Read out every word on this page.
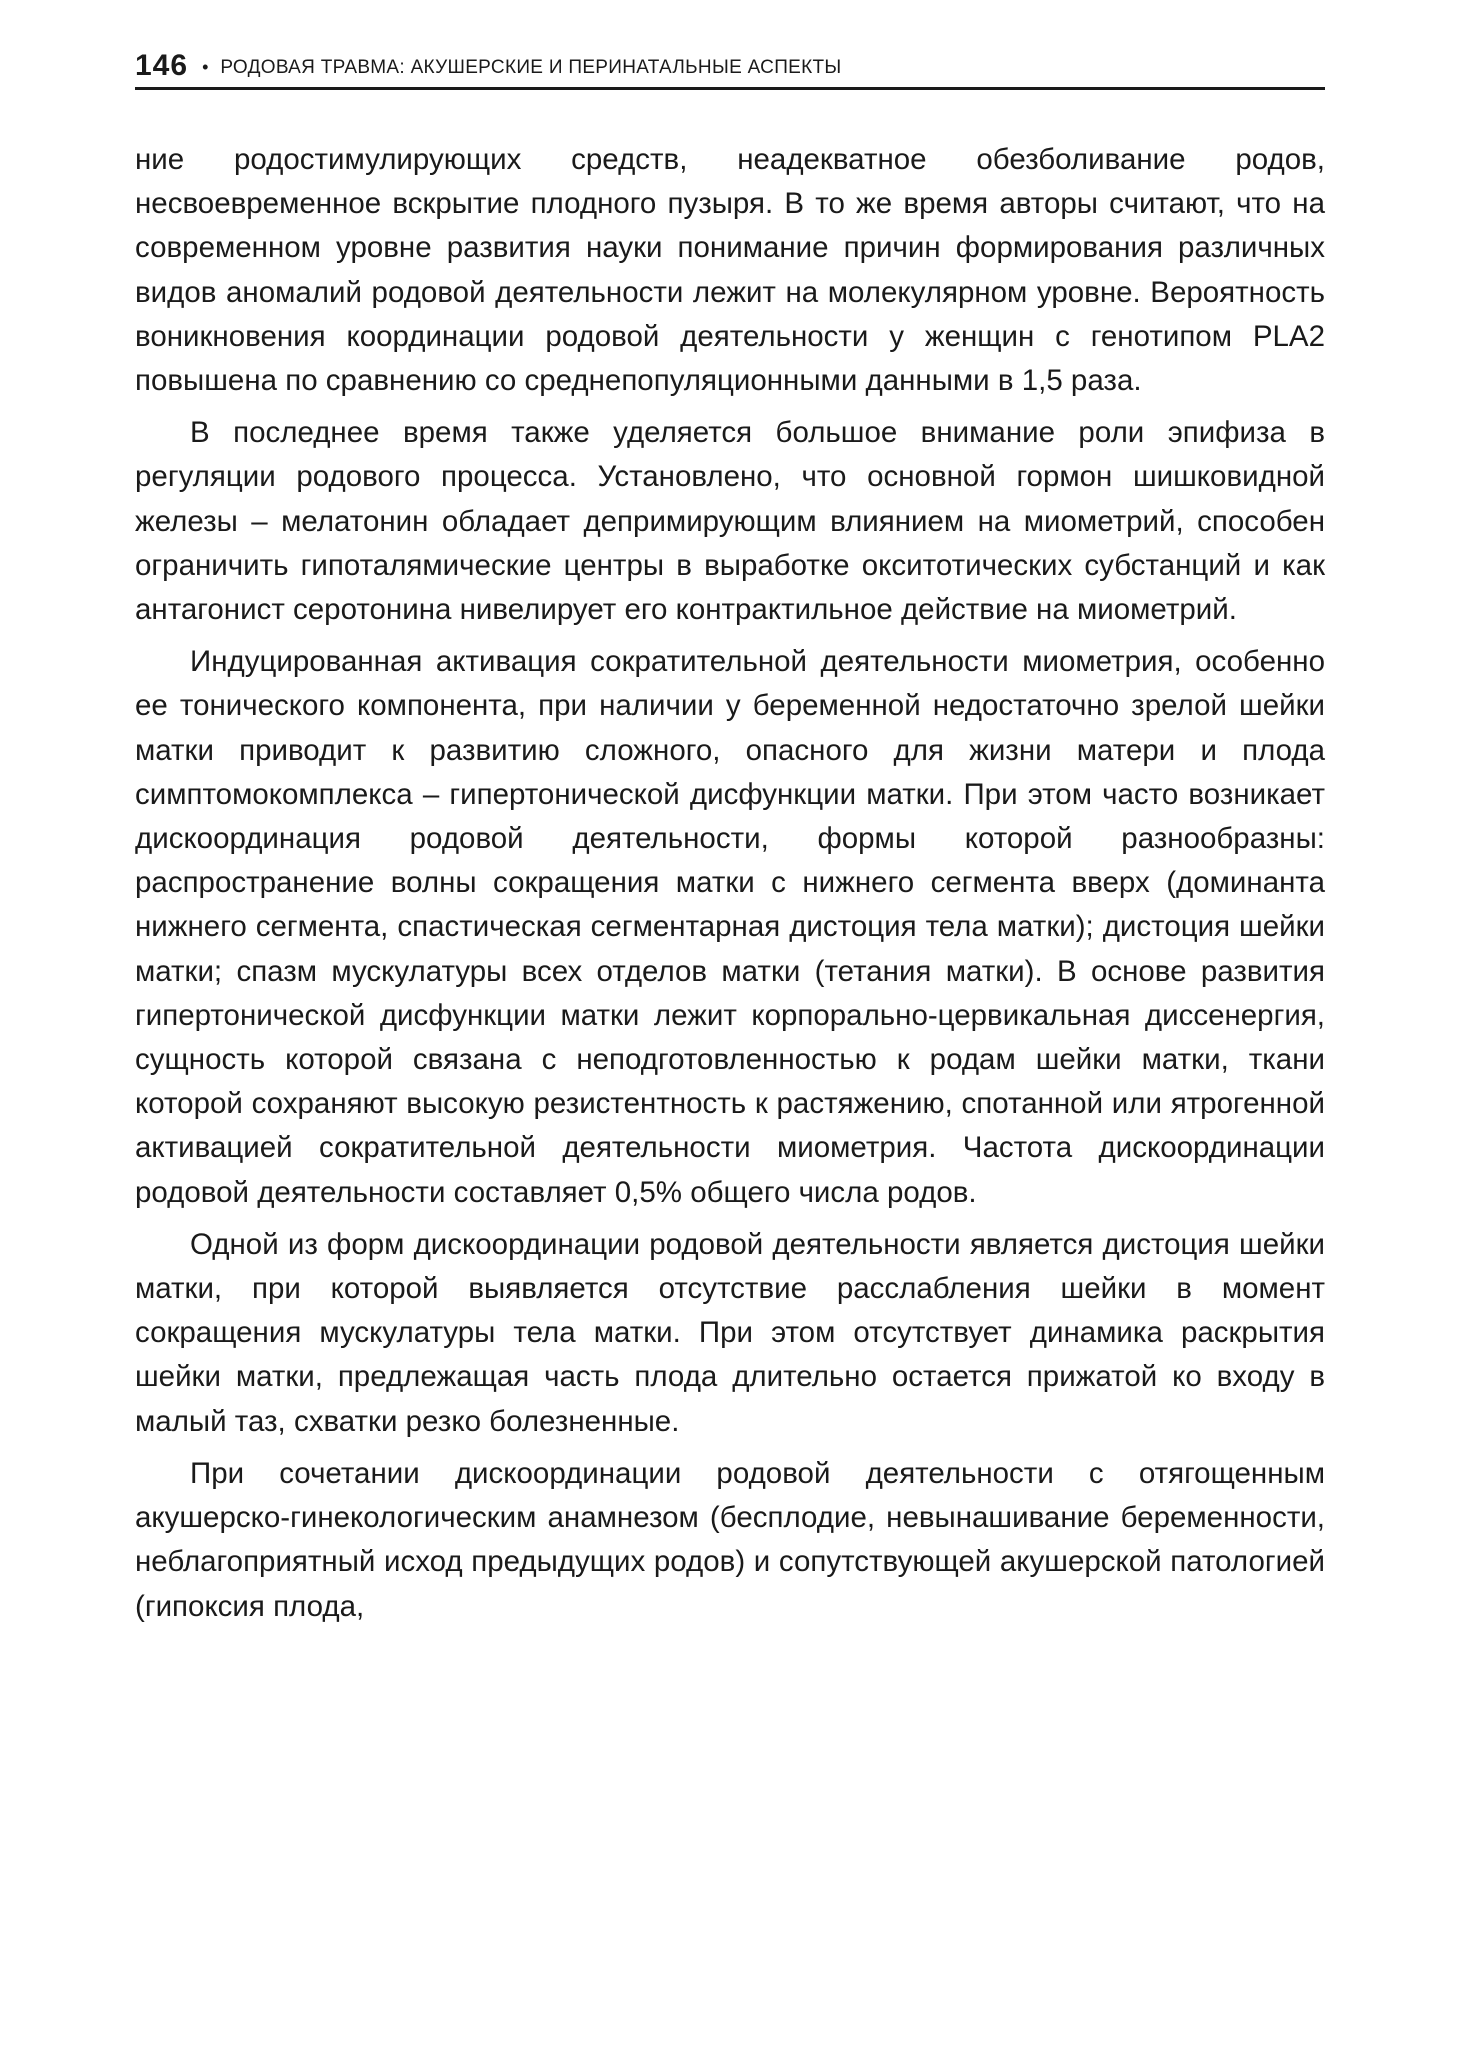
146 • РОДОВАЯ ТРАВМА: АКУШЕРСКИЕ И ПЕРИНАТАЛЬНЫЕ АСПЕКТЫ

ние родостимулирующих средств, неадекватное обезболивание родов, несвоевременное вскрытие плодного пузыря. В то же время авторы считают, что на современном уровне развития науки понимание причин формирования различных видов аномалий родовой деятельности лежит на молекулярном уровне. Вероятность воникновения координации родовой деятельности у женщин с генотипом PLA2 повышена по сравнению со среднепопуляционными данными в 1,5 раза.

В последнее время также уделяется большое внимание роли эпифиза в регуляции родового процесса. Установлено, что основной гормон шишковидной железы – мелатонин обладает депримирующим влиянием на миометрий, способен ограничить гипоталямические центры в выработке окситотических субстанций и как антагонист серотонина нивелирует его контрактильное действие на миометрий.

Индуцированная активация сократительной деятельности миометрия, особенно ее тонического компонента, при наличии у беременной недостаточно зрелой шейки матки приводит к развитию сложного, опасного для жизни матери и плода симптомокомплекса – гипертонической дисфункции матки. При этом часто возникает дискоординация родовой деятельности, формы которой разнообразны: распространение волны сокращения матки с нижнего сегмента вверх (доминанта нижнего сегмента, спастическая сегментарная дистоция тела матки); дистоция шейки матки; спазм мускулатуры всех отделов матки (тетания матки). В основе развития гипертонической дисфункции матки лежит корпорально-цервикальная диссенергия, сущность которой связана с неподготовленностью к родам шейки матки, ткани которой сохраняют высокую резистентность к растяжению, спотанной или ятрогенной активацией сократительной деятельности миометрия. Частота дискоординации родовой деятельности составляет 0,5% общего числа родов.

Одной из форм дискоординации родовой деятельности является дистоция шейки матки, при которой выявляется отсутствие расслабления шейки в момент сокращения мускулатуры тела матки. При этом отсутствует динамика раскрытия шейки матки, предлежащая часть плода длительно остается прижатой ко входу в малый таз, схватки резко болезненные.

При сочетании дискоординации родовой деятельности с отягощенным акушерско-гинекологическим анамнезом (бесплодие, невынашивание беременности, неблагоприятный исход предыдущих родов) и сопутствующей акушерской патологией (гипоксия плода,
